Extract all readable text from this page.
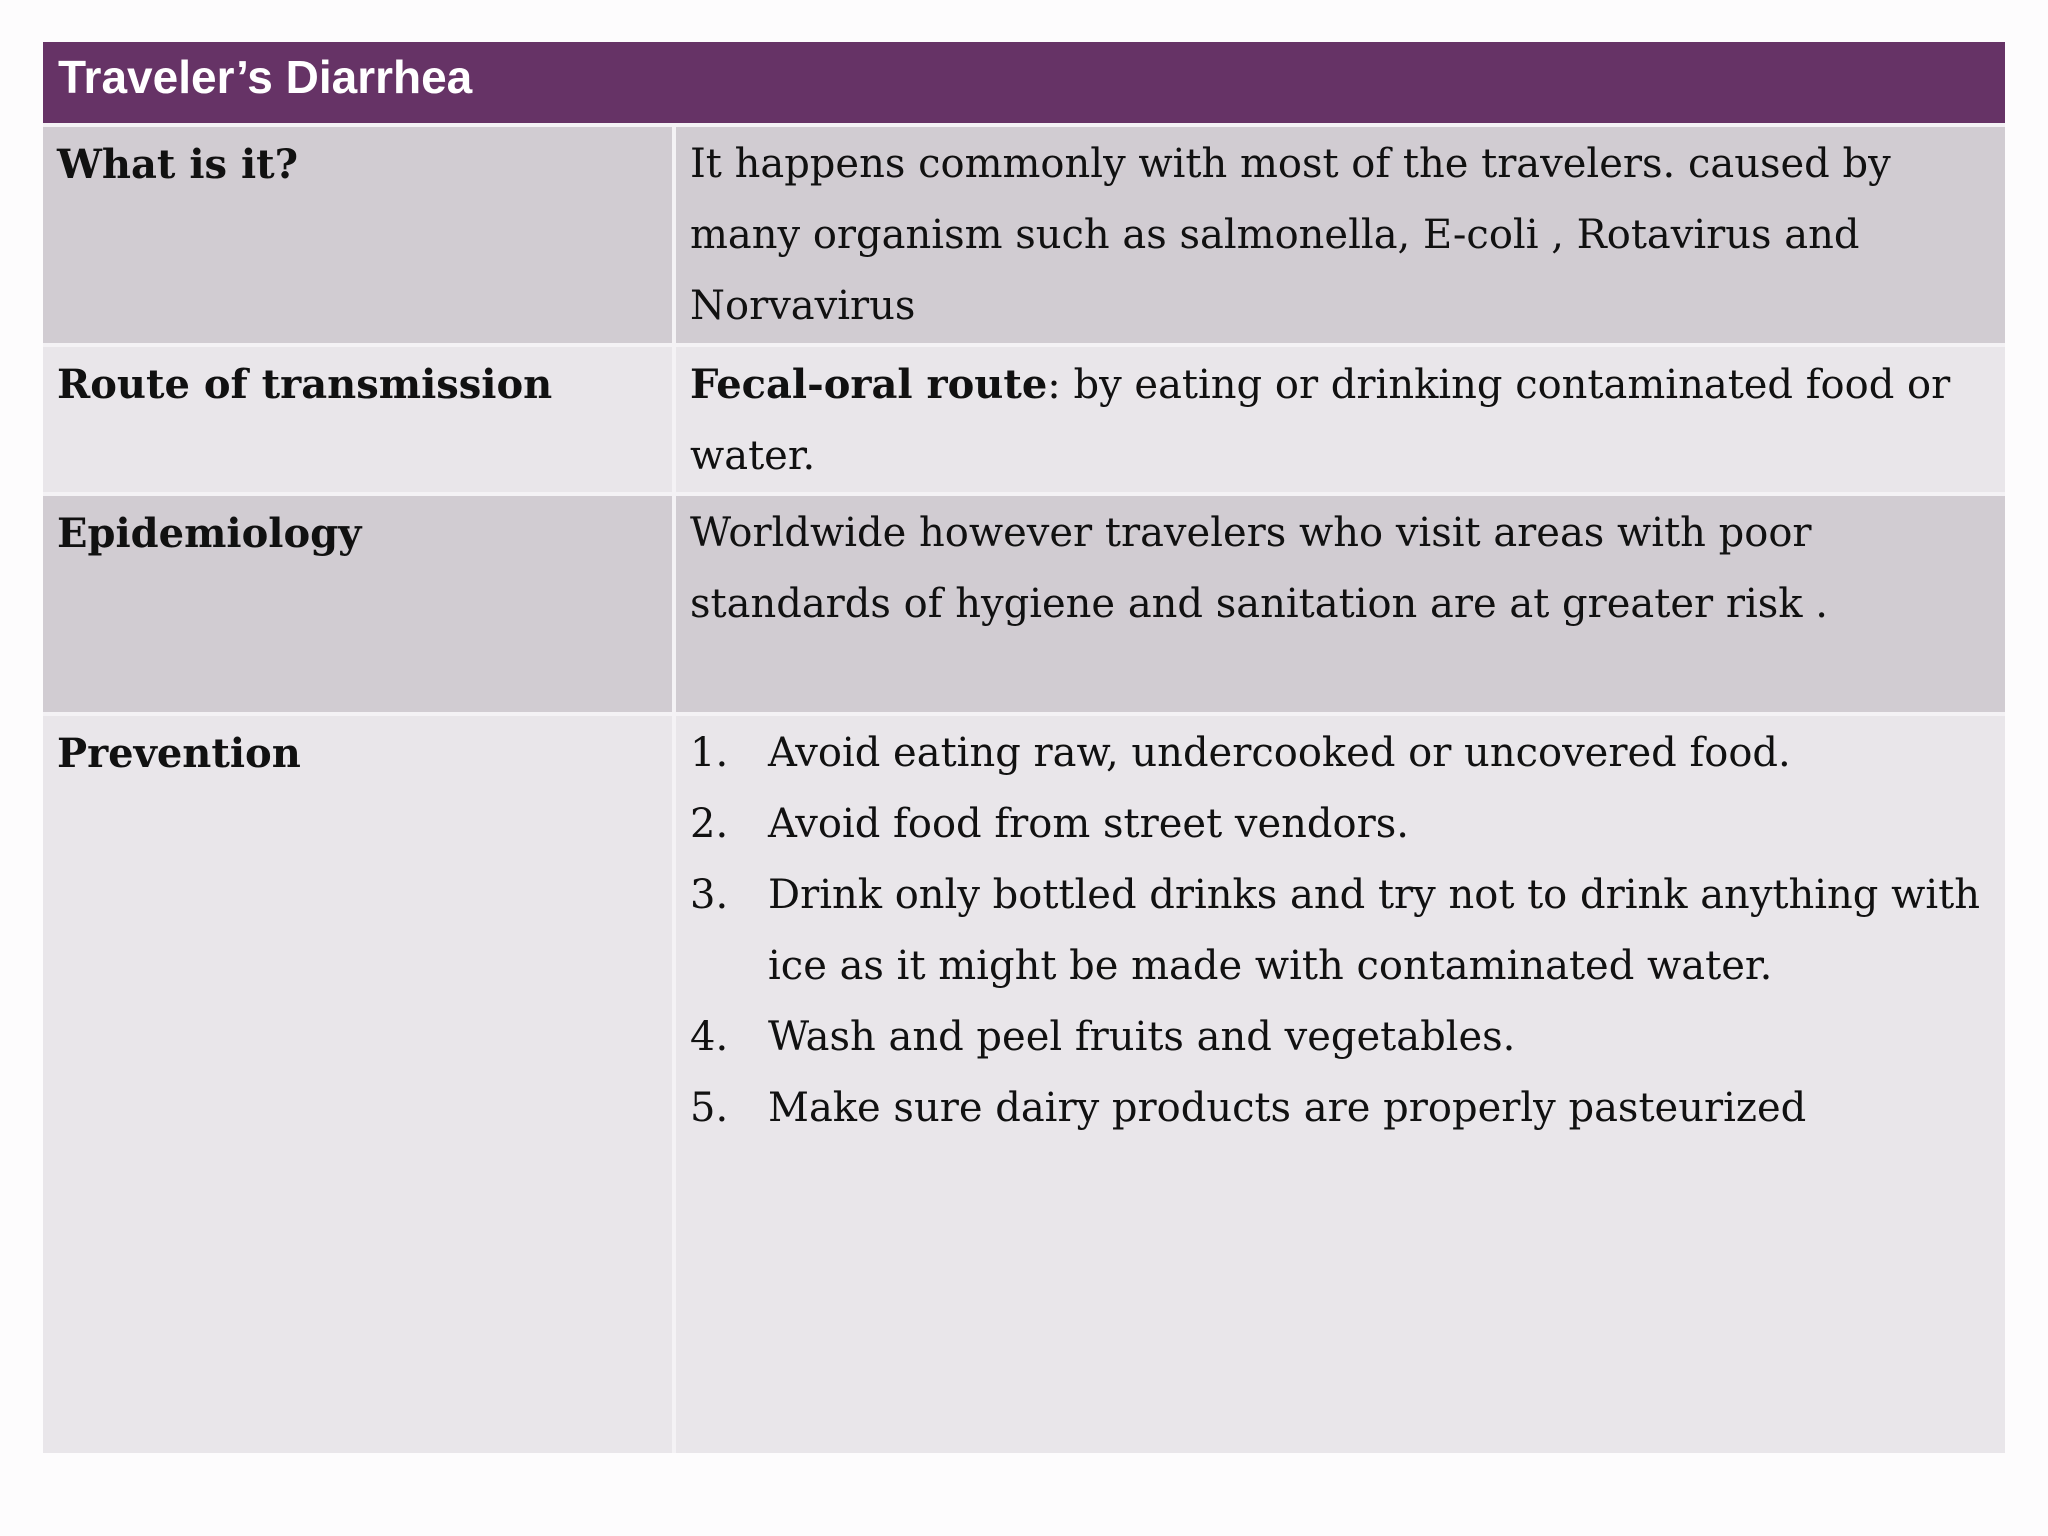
Traveler’s Diarrhea
What is it?	It happens commonly with most of the travelers. caused by many organism such as salmonella, E-coli , Rotavirus and Norvavirus
Route of transmission	Fecal-oral route: by eating or drinking contaminated food or water.
Epidemiology	Worldwide however travelers who visit areas with poor standards of hygiene and sanitation are at greater risk .
Prevention	1. Avoid eating raw, undercooked or uncovered food.
2. Avoid food from street vendors.
3. Drink only bottled drinks and try not to drink anything with ice as it might be made with contaminated water.
4. Wash and peel fruits and vegetables.
5. Make sure dairy products are properly pasteurized
